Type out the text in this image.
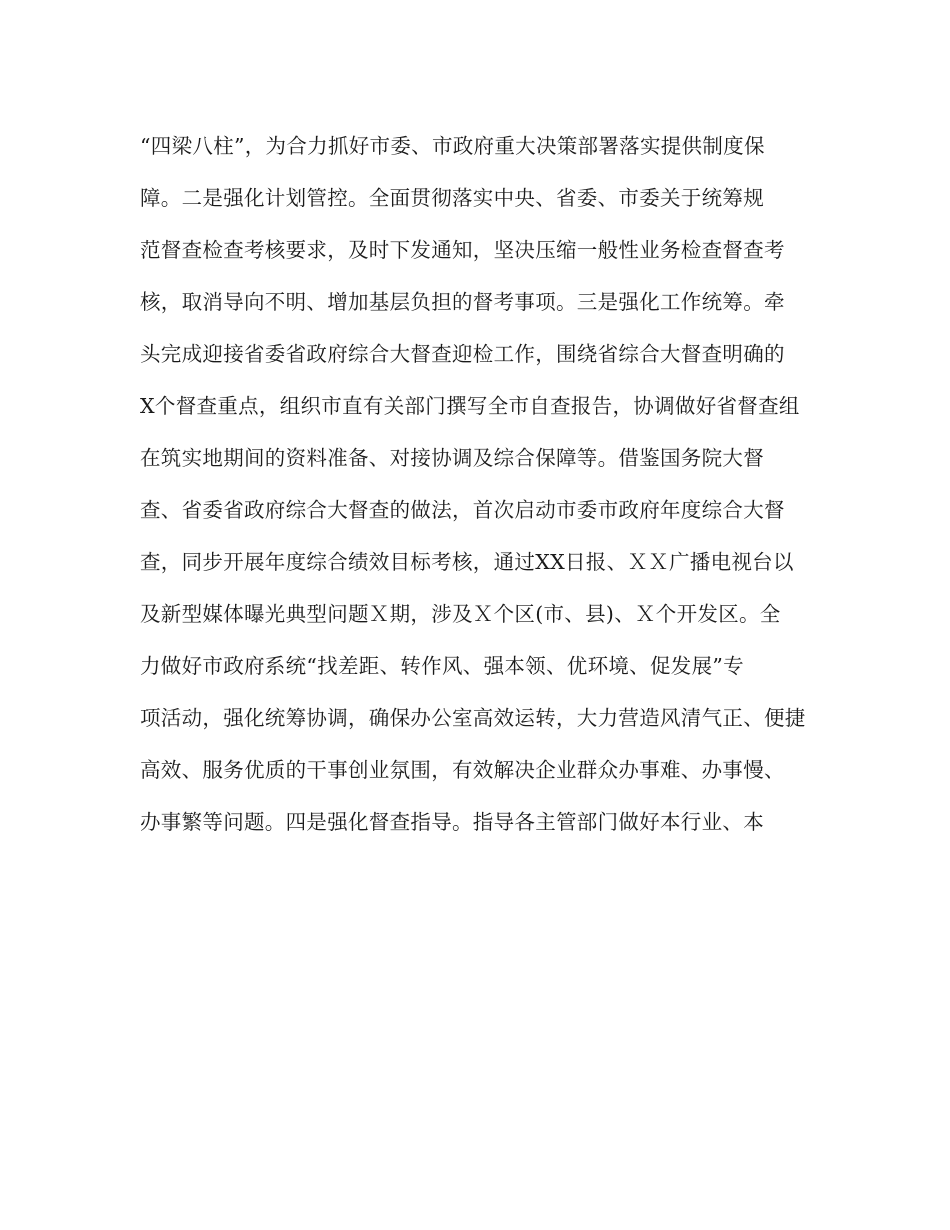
“四梁八柱”，为合力抓好市委、市政府重大决策部署落实提供制度保
障。二是强化计划管控。全面贯彻落实中央、省委、市委关于统筹规
范督查检查考核要求，及时下发通知，坚决压缩一般性业务检查督查考
核，取消导向不明、增加基层负担的督考事项。三是强化工作统筹。牵
头完成迎接省委省政府综合大督查迎检工作，围绕省综合大督查明确的
X个督查重点，组织市直有关部门撰写全市自查报告，协调做好省督查组
在筑实地期间的资料准备、对接协调及综合保障等。借鉴国务院大督
查、省委省政府综合大督查的做法，首次启动市委市政府年度综合大督
查，同步开展年度综合绩效目标考核，通过XX日报、ＸＸ广播电视台以
及新型媒体曝光典型问题Ｘ期，涉及Ｘ个区(市、县)、Ｘ个开发区。全
力做好市政府系统“找差距、转作风、强本领、优环境、促发展”专
项活动，强化统筹协调，确保办公室高效运转，大力营造风清气正、便捷
高效、服务优质的干事创业氛围，有效解决企业群众办事难、办事慢、
办事繁等问题。四是强化督查指导。指导各主管部门做好本行业、本
